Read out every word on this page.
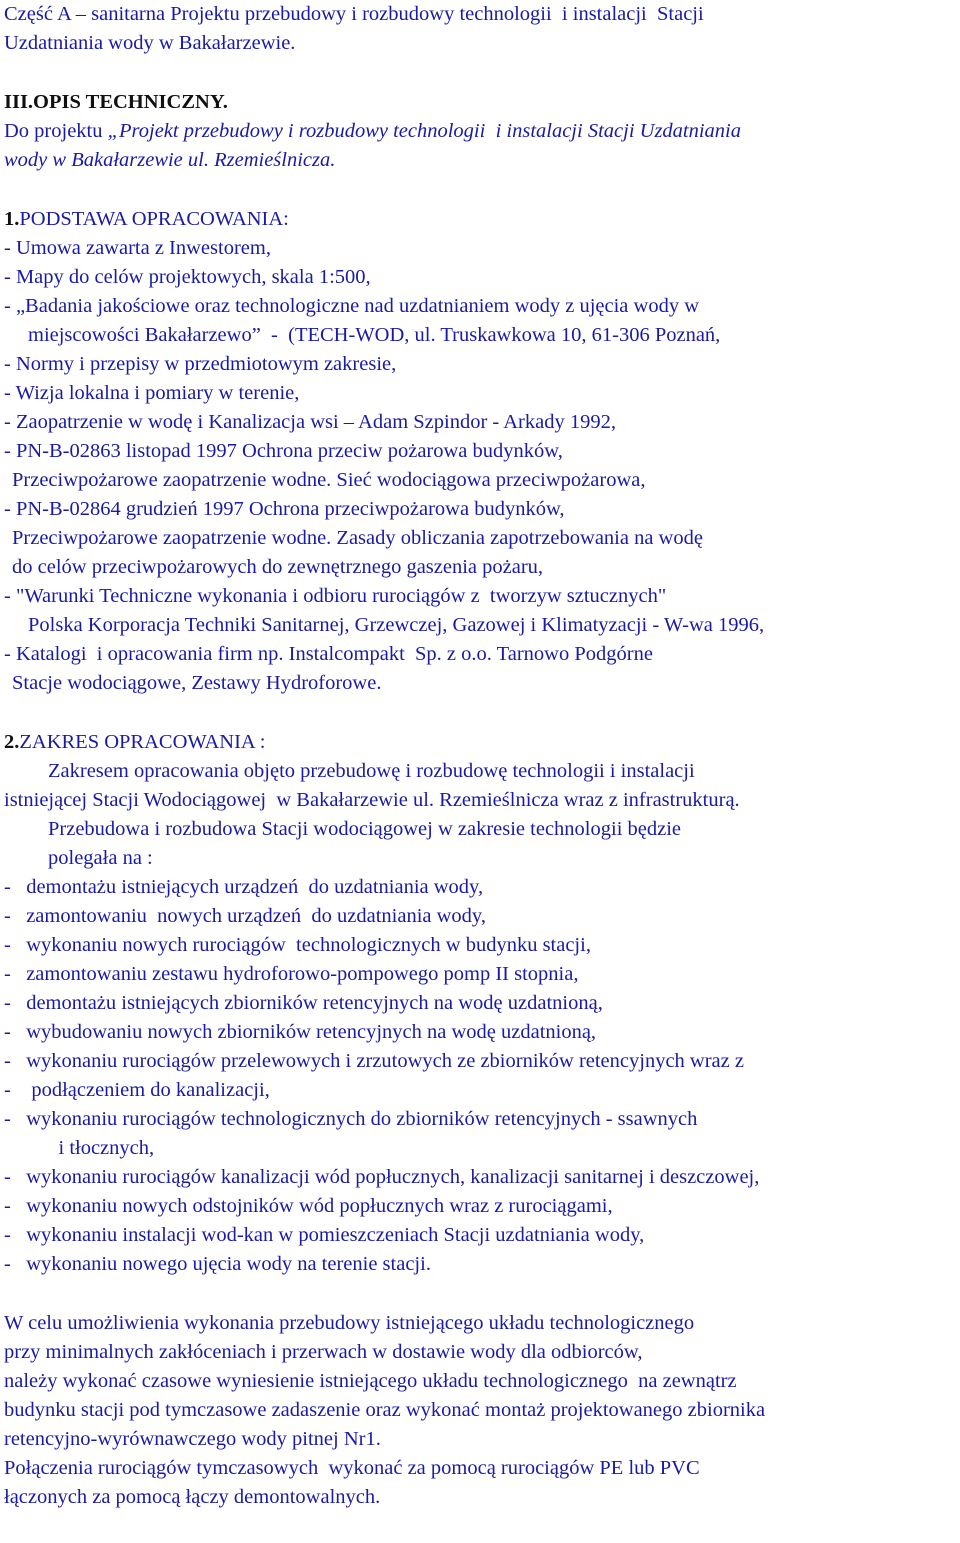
Część A – sanitarna Projektu przebudowy i rozbudowy technologii  i instalacji  Stacji
Uzdatniania wody w Bakałarzewie.
III.OPIS TECHNICZNY.
Do projektu „Projekt przebudowy i rozbudowy technologii  i instalacji Stacji Uzdatniania
wody w Bakałarzewie ul. Rzemieślnicza.
1.PODSTAWA OPRACOWANIA:
- Umowa zawarta z Inwestorem,
- Mapy do celów projektowych, skala 1:500,
- „Badania jakościowe oraz technologiczne nad uzdatnianiem wody z ujęcia wody w
miejscowości Bakałarzewo”  -  (TECH-WOD, ul. Truskawkowa 10, 61-306 Poznań,
- Normy i przepisy w przedmiotowym zakresie,
- Wizja lokalna i pomiary w terenie,
- Zaopatrzenie w wodę i Kanalizacja wsi – Adam Szpindor - Arkady 1992,
- PN-B-02863 listopad 1997 Ochrona przeciw pożarowa budynków,
Przeciwpożarowe zaopatrzenie wodne. Sieć wodociągowa przeciwpożarowa,
- PN-B-02864 grudzień 1997 Ochrona przeciwpożarowa budynków,
Przeciwpożarowe zaopatrzenie wodne. Zasady obliczania zapotrzebowania na wodę
do celów przeciwpożarowych do zewnętrznego gaszenia pożaru,
- "Warunki Techniczne wykonania i odbioru rurociągów z  tworzyw sztucznych"
Polska Korporacja Techniki Sanitarnej, Grzewczej, Gazowej i Klimatyzacji - W-wa 1996,
- Katalogi  i opracowania firm np. Instalcompakt  Sp. z o.o. Tarnowo Podgórne
Stacje wodociągowe, Zestawy Hydroforowe.
2.ZAKRES OPRACOWANIA :
Zakresem opracowania objęto przebudowę i rozbudowę technologii i instalacji
istniejącej Stacji Wodociągowej  w Bakałarzewie ul. Rzemieślnicza wraz z infrastrukturą.
Przebudowa i rozbudowa Stacji wodociągowej w zakresie technologii będzie
polegała na :
-   demontażu istniejących urządzeń  do uzdatniania wody,
-   zamontowaniu  nowych urządzeń  do uzdatniania wody,
-   wykonaniu nowych rurociągów  technologicznych w budynku stacji,
-   zamontowaniu zestawu hydroforowo-pompowego pomp II stopnia,
-   demontażu istniejących zbiorników retencyjnych na wodę uzdatnioną,
-   wybudowaniu nowych zbiorników retencyjnych na wodę uzdatnioną,
-   wykonaniu rurociągów przelewowych i zrzutowych ze zbiorników retencyjnych wraz z
-    podłączeniem do kanalizacji,
-   wykonaniu rurociągów technologicznych do zbiorników retencyjnych - ssawnych
i tłocznych,
-   wykonaniu rurociągów kanalizacji wód popłucznych, kanalizacji sanitarnej i deszczowej,
-   wykonaniu nowych odstojników wód popłucznych wraz z rurociągami,
-   wykonaniu instalacji wod-kan w pomieszczeniach Stacji uzdatniania wody,
-   wykonaniu nowego ujęcia wody na terenie stacji.
W celu umożliwienia wykonania przebudowy istniejącego układu technologicznego
przy minimalnych zakłóceniach i przerwach w dostawie wody dla odbiorców,
należy wykonać czasowe wyniesienie istniejącego układu technologicznego  na zewnątrz
budynku stacji pod tymczasowe zadaszenie oraz wykonać montaż projektowanego zbiornika
retencyjno-wyrównawczego wody pitnej Nr1.
Połączenia rurociągów tymczasowych  wykonać za pomocą rurociągów PE lub PVC
łączonych za pomocą łączy demontowalnych.
